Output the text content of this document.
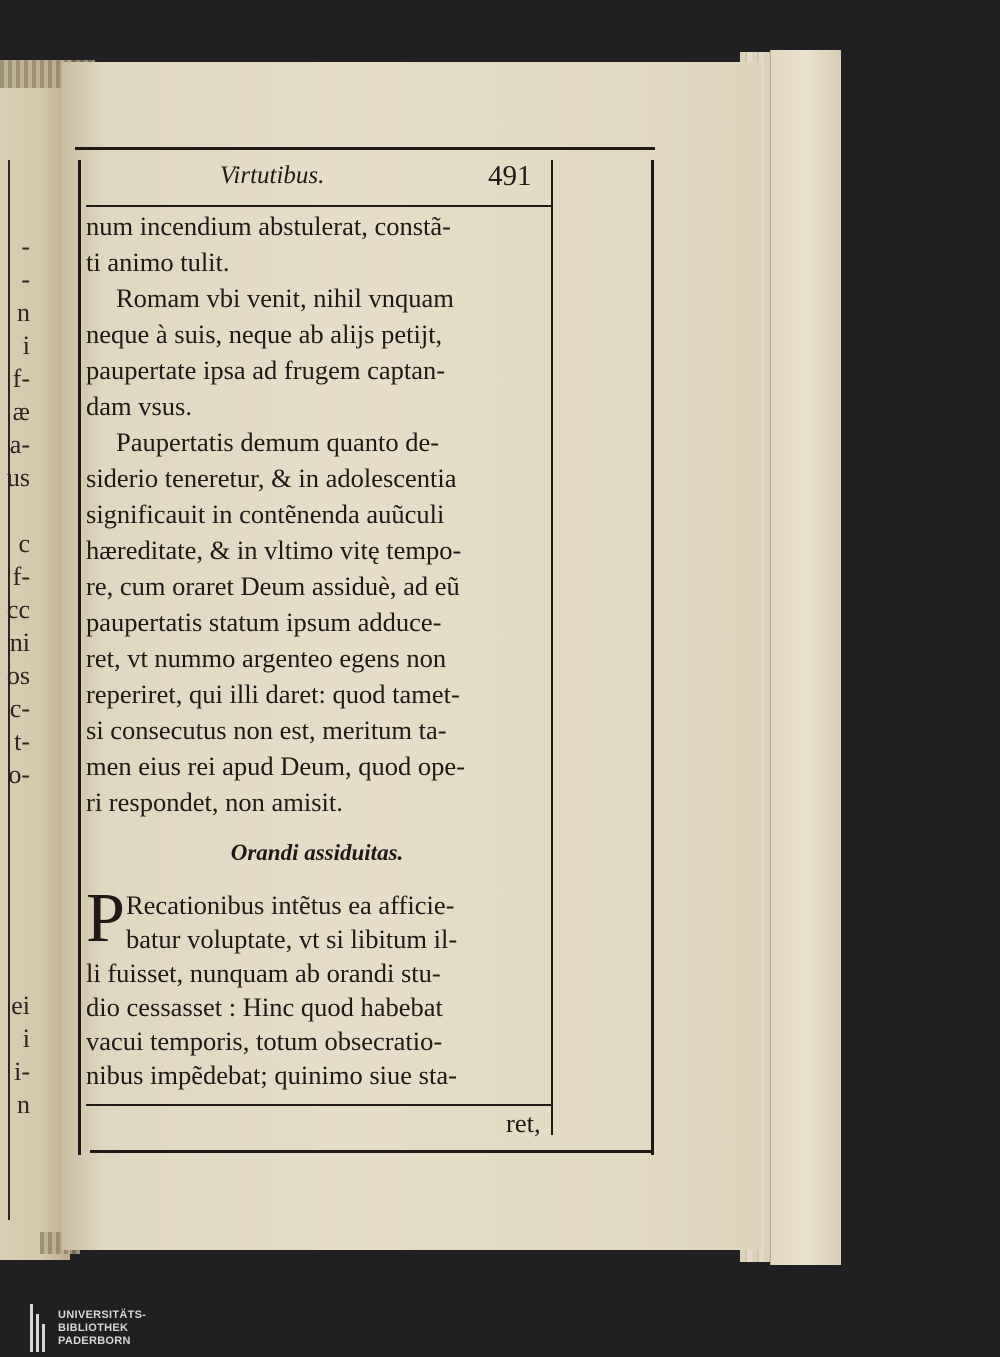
-
-
n
i
f-
æ
a-
us
c
f-
cc
ni
os
c-
t-
o-
ei
i
i-
n
Virtutibus.	491
num incendium abstulerat, constã-
ti animo tulit.
Romam vbi venit, nihil vnquam
neque à suis, neque ab alijs petijt,
paupertate ipsa ad frugem captan-
dam vsus.
Paupertatis demum quanto de-
siderio teneretur, & in adolescentia
significauit in contẽnenda auũculi
hæreditate, & in vltimo vitę tempo-
re, cum oraret Deum assiduè, ad eũ
paupertatis statum ipsum adduce-
ret, vt nummo argenteo egens non
reperiret, qui illi daret: quod tamet-
si consecutus non est, meritum ta-
men eius rei apud Deum, quod ope-
ri respondet, non amisit.
Orandi assiduitas.
P Recationibus intẽtus ea afficie-
batur voluptate, vt si libitum il-
li fuisset, nunquam ab orandi stu-
dio cessasset : Hinc quod habebat
vacui temporis, totum obsecratio-
nibus impẽdebat; quinimo siue sta-
ret,
UNIVERSITÄTS-
BIBLIOTHEK
PADERBORN
